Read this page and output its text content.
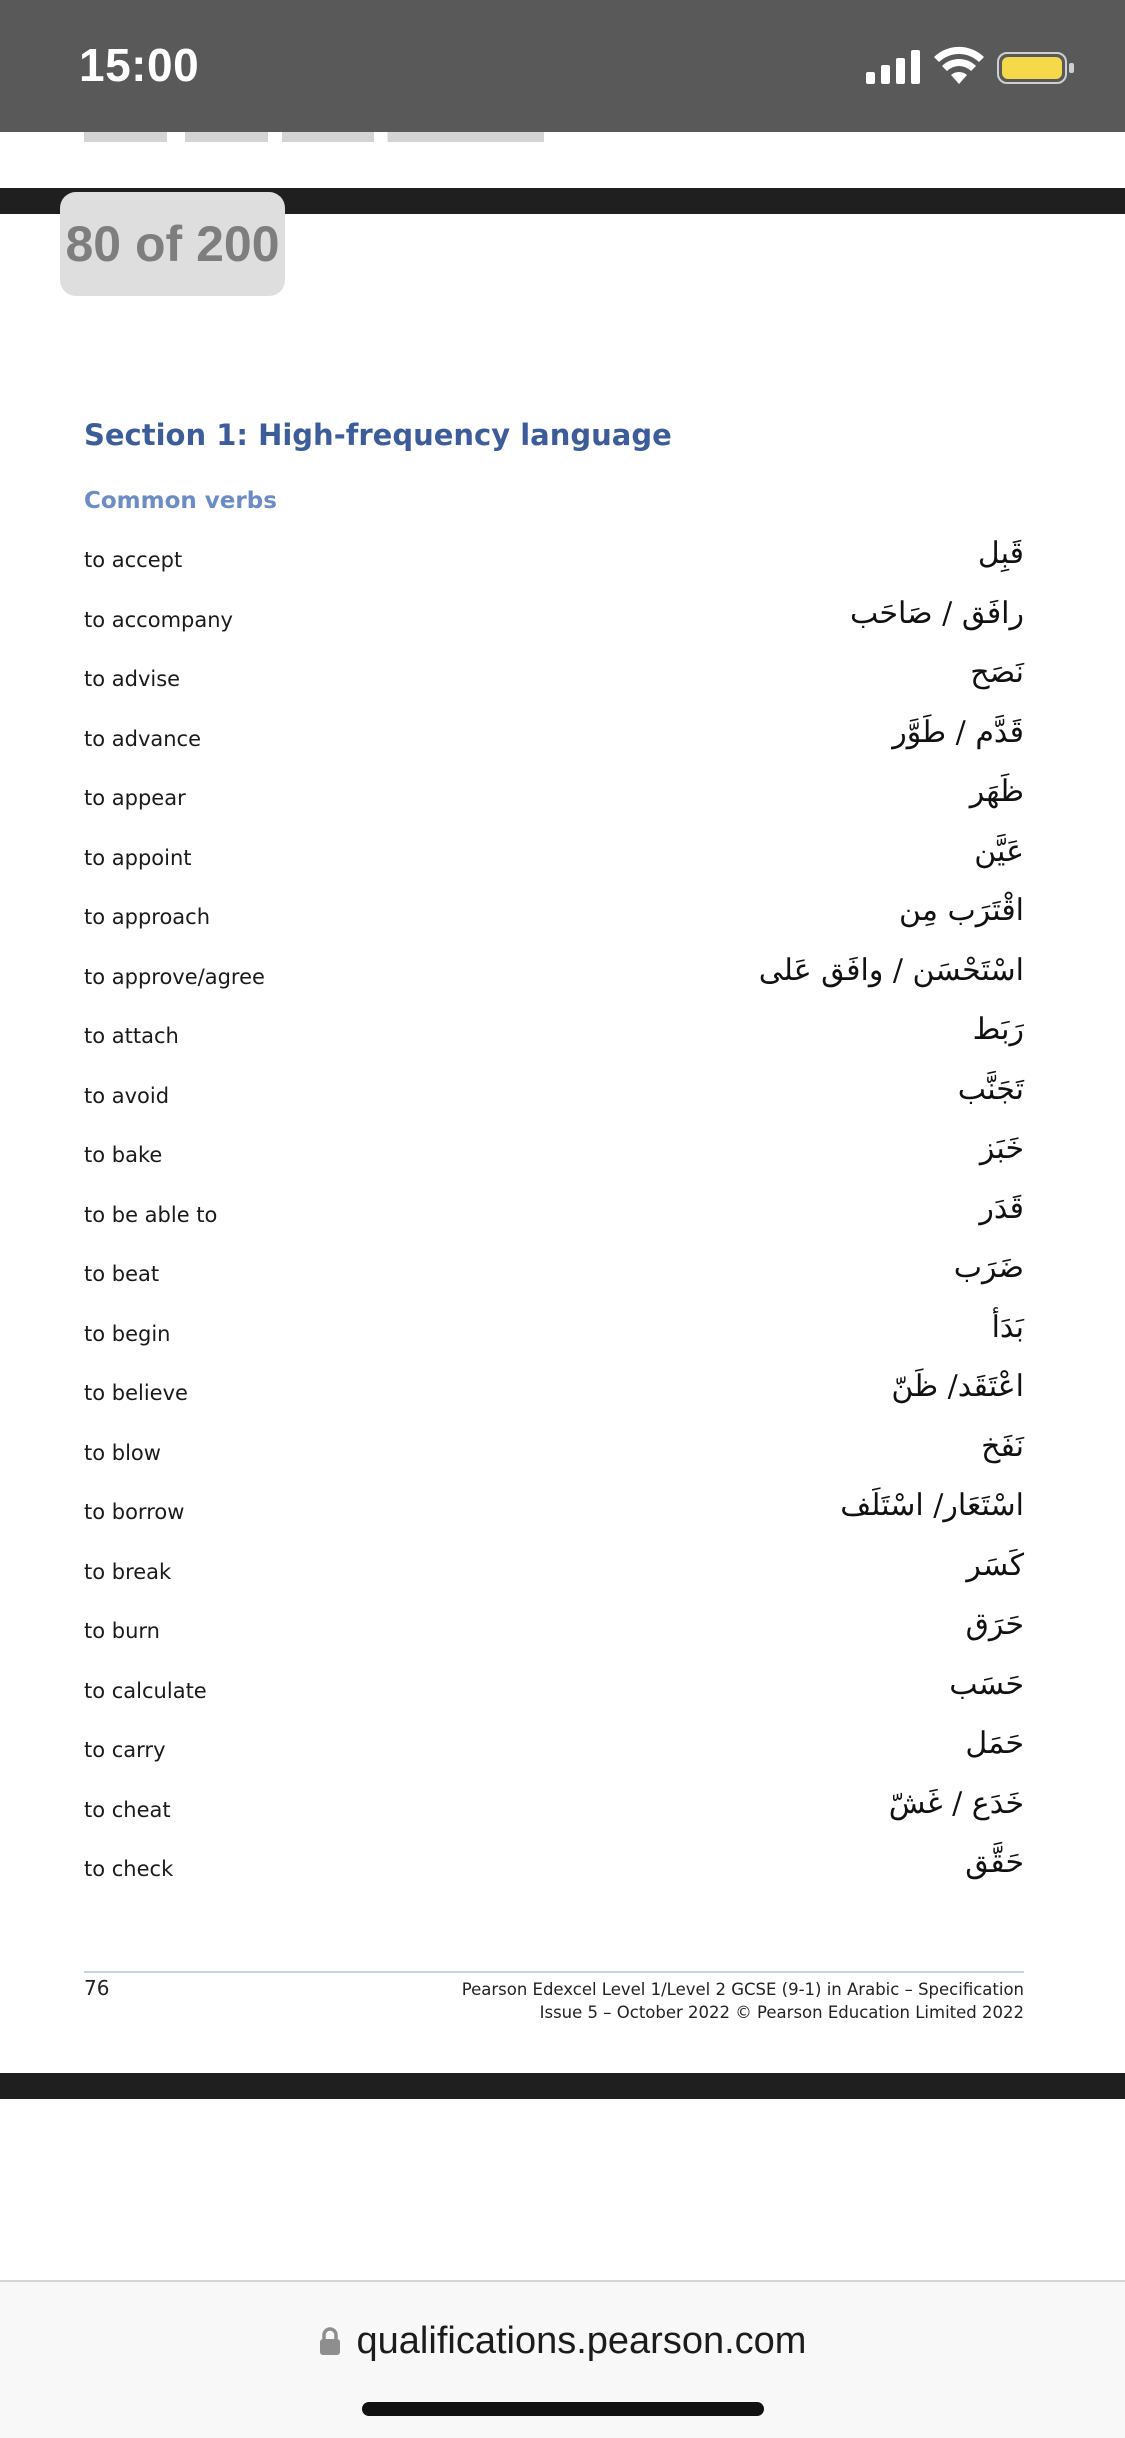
15:00
Section 1: High-frequency language
Common verbs
to accept	قَبِل
to accompany	رافَق / صَاحَب
to advise	نَصَح
to advance	قَدَّم / طَوَّر
to appear	ظَهَر
to appoint	عَيَّن
to approach	اقْتَرَب مِن
to approve/agree	اسْتَحْسَن / وافَق عَلى
to attach	رَبَط
to avoid	تَجَنَّب
to bake	خَبَز
to be able to	قَدَر
to beat	ضَرَب
to begin	بَدَأ
to believe	اعْتَقَد/ ظَنّ
to blow	نَفَخ
to borrow	اسْتَعَار/ اسْتَلَف
to break	كَسَر
to burn	حَرَق
to calculate	حَسَب
to carry	حَمَل
to cheat	خَدَع / غَشّ
to check	حَقَّق
76	Pearson Edexcel Level 1/Level 2 GCSE (9-1) in Arabic – Specification
Issue 5 – October 2022 © Pearson Education Limited 2022
80 of 200
qualifications.pearson.com
